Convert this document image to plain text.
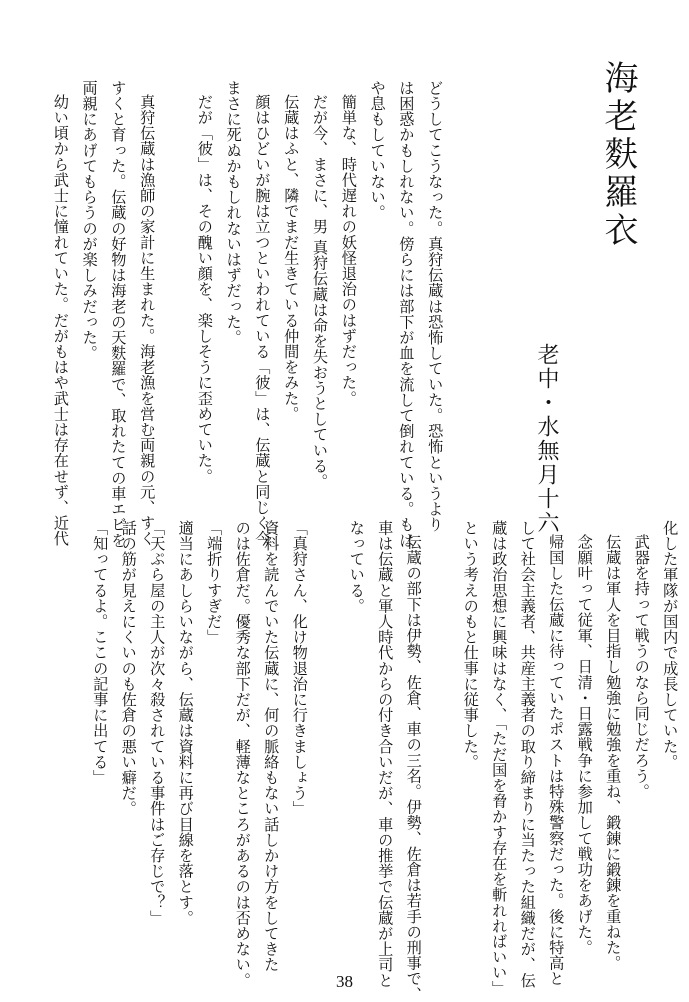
海老麩羅衣
老中・水無月十六
どうしてこうなった。真狩伝蔵は恐怖していた。恐怖というより
は困惑かもしれない。傍らには部下が血を流して倒れている。もは
や息もしていない。
簡単な、時代遅れの妖怪退治のはずだった。
だが今、まさに、男 真狩伝蔵は命を失おうとしている。
伝蔵はふと、隣でまだ生きている仲間をみた。
顔はひどいが腕は立つといわれている「彼」は、伝蔵と同じく今
まさに死ぬかもしれないはずだった。
だが「彼」は、その醜い顔を、楽しそうに歪めていた。
真狩伝蔵は漁師の家計に生まれた。海老漁を営む両親の元、すく
すくと育った。伝蔵の好物は海老の天麩羅で、取れたての車エビを
両親にあげてもらうのが楽しみだった。
幼い頃から武士に憧れていた。だがもはや武士は存在せず、近代
化した軍隊が国内で成長していた。
武器を持って戦うのなら同じだろう。
伝蔵は軍人を目指し勉強に勉強を重ね、鍛錬に鍛錬を重ねた。
念願叶って従軍、日清・日露戦争に参加して戦功をあげた。
帰国した伝蔵に待っていたポストは特殊警察だった。後に特高と
して社会主義者、共産主義者の取り締まりに当たった組織だが、伝
蔵は政治思想に興味はなく、「ただ国を脅かす存在を斬れればいい」
という考えのもと仕事に従事した。
伝蔵の部下は伊勢、佐倉、車の三名。伊勢、佐倉は若手の刑事で、
車は伝蔵と軍人時代からの付き合いだが、車の推挙で伝蔵が上司と
なっている。
「真狩さん、化け物退治に行きましょう」
資料を読んでいた伝蔵に、何の脈絡もない話しかけ方をしてきた
のは佐倉だ。優秀な部下だが、軽薄なところがあるのは否めない。
「端折りすぎだ」
適当にあしらいながら、伝蔵は資料に再び目線を落とす。
「天ぷら屋の主人が次々殺されている事件はご存じで？」
話の筋が見えにくいのも佐倉の悪い癖だ。
「知ってるよ。ここの記事に出てる」
38
